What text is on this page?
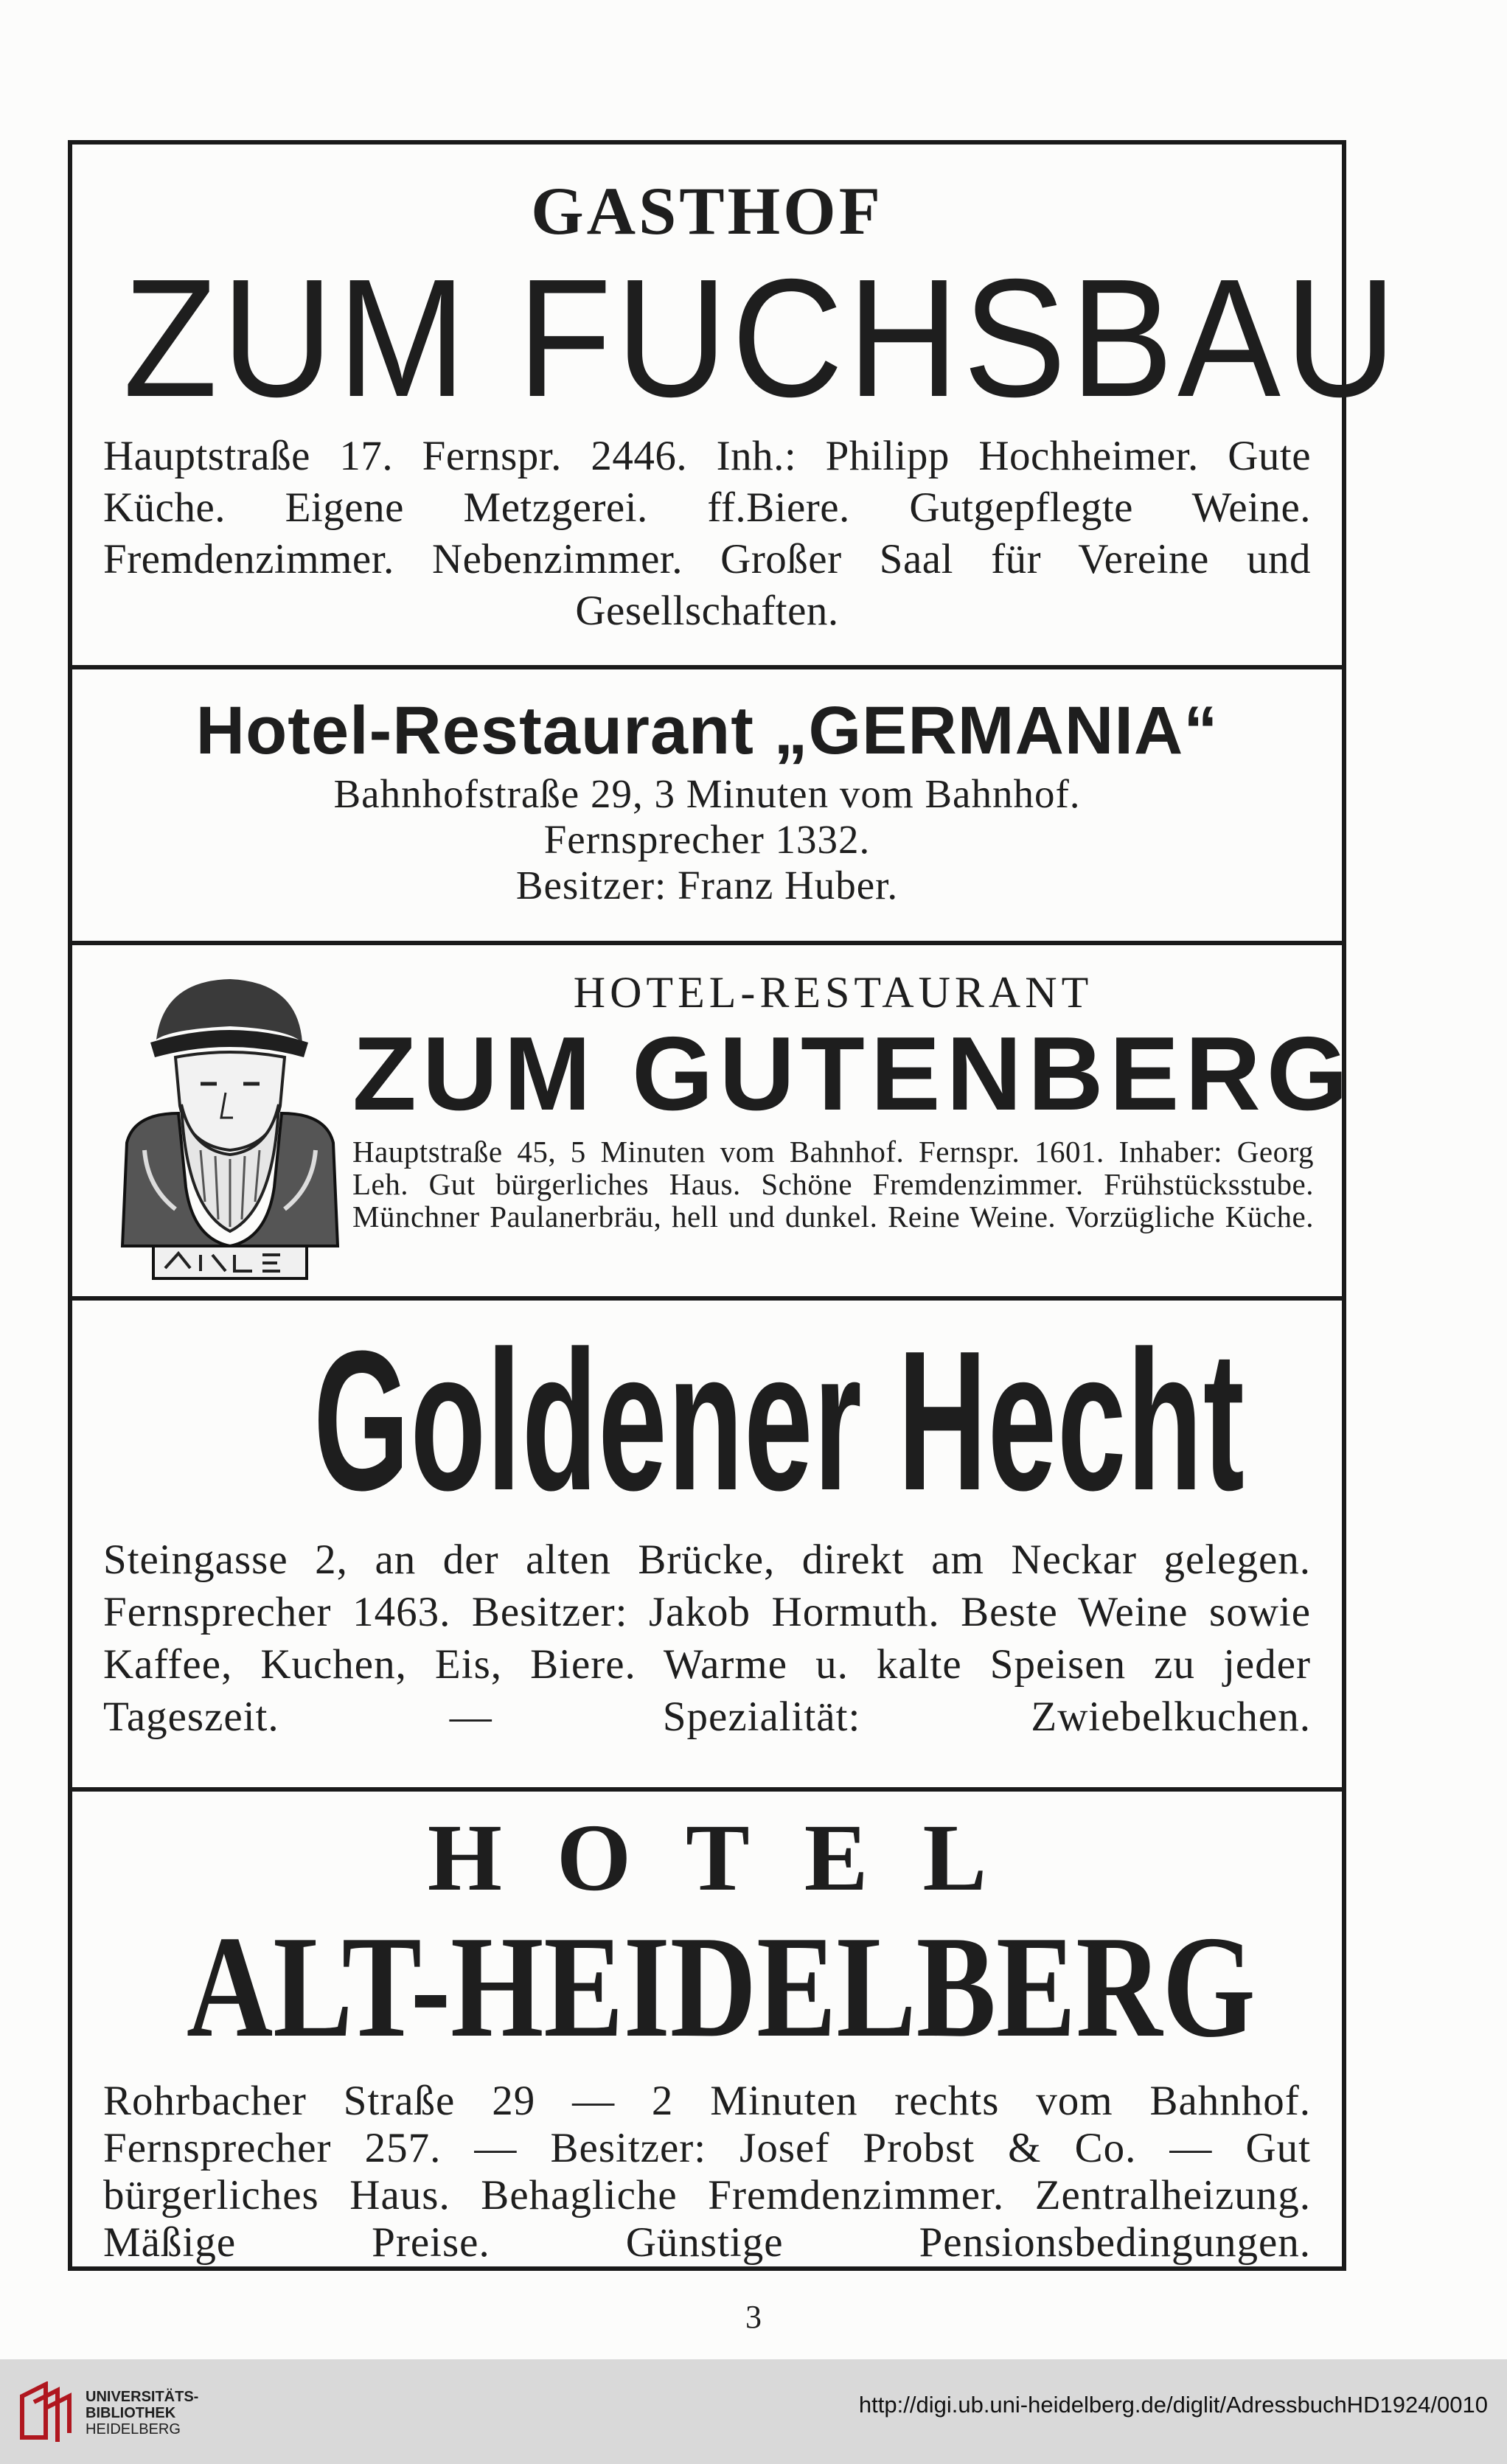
GASTHOF
ZUM FUCHSBAU

Hauptstraße 17. Fernspr. 2446. Inh.: Philipp Hochheimer. Gute Küche. Eigene Metzgerei. ff.Biere. Gutgepflegte Weine. Fremdenzimmer. Nebenzimmer. Großer Saal für Vereine und Gesellschaften.

Hotel-Restaurant „GERMANIA“
Bahnhofstraße 29, 3 Minuten vom Bahnhof.
Fernsprecher 1332.
Besitzer: Franz Huber.
HOTEL-RESTAURANT
ZUM GUTENBERG

Hauptstraße 45, 5 Minuten vom Bahnhof. Fernspr. 1601. Inhaber: Georg Leh. Gut bürgerliches Haus. Schöne Fremdenzimmer. Frühstücksstube. Münchner Paulanerbräu, hell und dunkel. Reine Weine. Vorzügliche Küche.

Goldener Hecht

Steingasse 2, an der alten Brücke, direkt am Neckar gelegen. Fernsprecher 1463. Besitzer: Jakob Hormuth. Beste Weine sowie Kaffee, Kuchen, Eis, Biere. Warme u. kalte Speisen zu jeder Tageszeit. — Spezialität: Zwiebelkuchen.

HOTEL
ALT-HEIDELBERG

Rohrbacher Straße 29 — 2 Minuten rechts vom Bahnhof. Fernsprecher 257. — Besitzer: Josef Probst & Co. — Gut bürgerliches Haus. Behagliche Fremdenzimmer. Zentralheizung. Mäßige Preise. Günstige Pensionsbedingungen.

3
UNIVERSITÄTS-
BIBLIOTHEK
HEIDELBERG
http://digi.ub.uni-heidelberg.de/diglit/AdressbuchHD1924/0010
